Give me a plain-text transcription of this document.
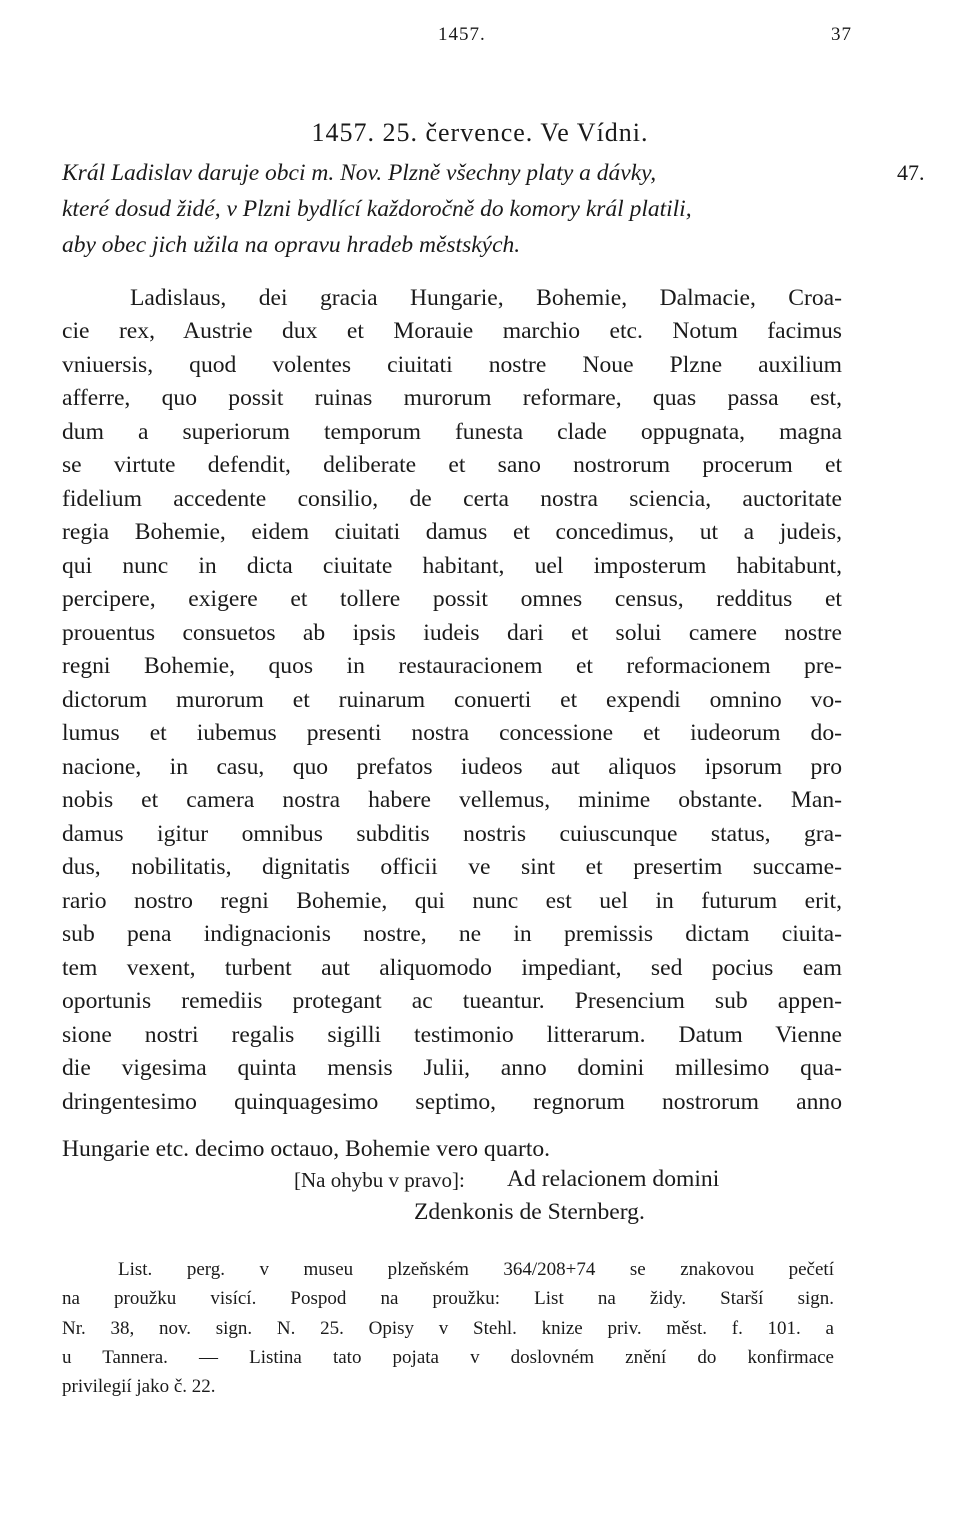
1457.	37
1457. 25. července. Ve Vídni.
Král Ladislav daruje obci m. Nov. Plzně všechny platy a dávky,
které dosud židé, v Plzni bydlící každoročně do komory král platili,
aby obec jich užila na opravu hradeb městských.
47.
Ladislaus, dei gracia Hungarie, Bohemie, Dalmacie, Croa-
cie rex, Austrie dux et Morauie marchio etc. Notum facimus
vniuersis, quod volentes ciuitati nostre Noue Plzne auxilium
afferre, quo possit ruinas murorum reformare, quas passa est,
dum a superiorum temporum funesta clade oppugnata, magna
se virtute defendit, deliberate et sano nostrorum procerum et
fidelium accedente consilio, de certa nostra sciencia, auctoritate
regia Bohemie, eidem ciuitati damus et concedimus, ut a judeis,
qui nunc in dicta ciuitate habitant, uel imposterum habitabunt,
percipere, exigere et tollere possit omnes census, redditus et
prouentus consuetos ab ipsis iudeis dari et solui camere nostre
regni Bohemie, quos in restauracionem et reformacionem pre-
dictorum murorum et ruinarum conuerti et expendi omnino vo-
lumus et iubemus presenti nostra concessione et iudeorum do-
nacione, in casu, quo prefatos iudeos aut aliquos ipsorum pro
nobis et camera nostra habere vellemus, minime obstante. Man-
damus igitur omnibus subditis nostris cuiuscunque status, gra-
dus, nobilitatis, dignitatis officii ve sint et presertim succame-
rario nostro regni Bohemie, qui nunc est uel in futurum erit,
sub pena indignacionis nostre, ne in premissis dictam ciuita-
tem vexent, turbent aut aliquomodo impediant, sed pocius eam
oportunis remediis protegant ac tueantur. Presencium sub appen-
sione nostri regalis sigilli testimonio litterarum. Datum Vienne
die vigesima quinta mensis Julii, anno domini millesimo qua-
dringentesimo quinquagesimo septimo, regnorum nostrorum anno
Hungarie etc. decimo octauo, Bohemie vero quarto.
[Na ohybu v pravo]: Ad relacionem domini
Zdenkonis de Sternberg.
List. perg. v museu plzeňském 364/208+74 se znakovou pečetí
na proužku visící. Pospod na proužku: List na židy. Starší sign.
Nr. 38, nov. sign. N. 25. Opisy v Stehl. knize priv. měst. f. 101. a
u Tannera. — Listina tato pojata v doslovném znění do konfirmace
privilegií jako č. 22.
